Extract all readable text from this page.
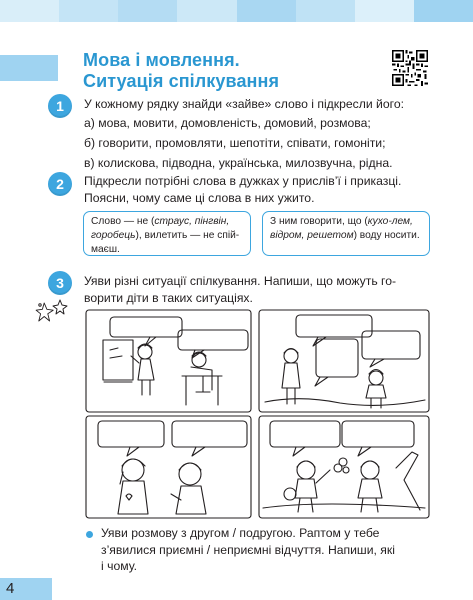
Мова і мовлення.
Ситуація спілкування
1	У кожному рядку знайди «зайве» слово і підкресли його:

а) мова, мовити, домовленість, домовий, розмова;

б) говорити, промовляти, шепотіти, співати, гомоніти;

в) колискова, підводна, українська, милозвучна, рідна.

2	Підкресли потрібні слова в дужках у прислів’ї і приказці.

Поясни, чому саме ці слова в них ужито.

Слово — не (страус, пінгвін, горобець), вилетить — не спій-маєш.
З ним говорити, що (кухо-лем, відром, решетом) воду носити.
3	Уяви різні ситуації спілкування. Напиши, що можуть го-

ворити діти в таких ситуаціях.

Уяви розмову з другом / подругою. Раптом у тебе

з’явилися приємні / неприємні відчуття. Напиши, які

і чому.

4
